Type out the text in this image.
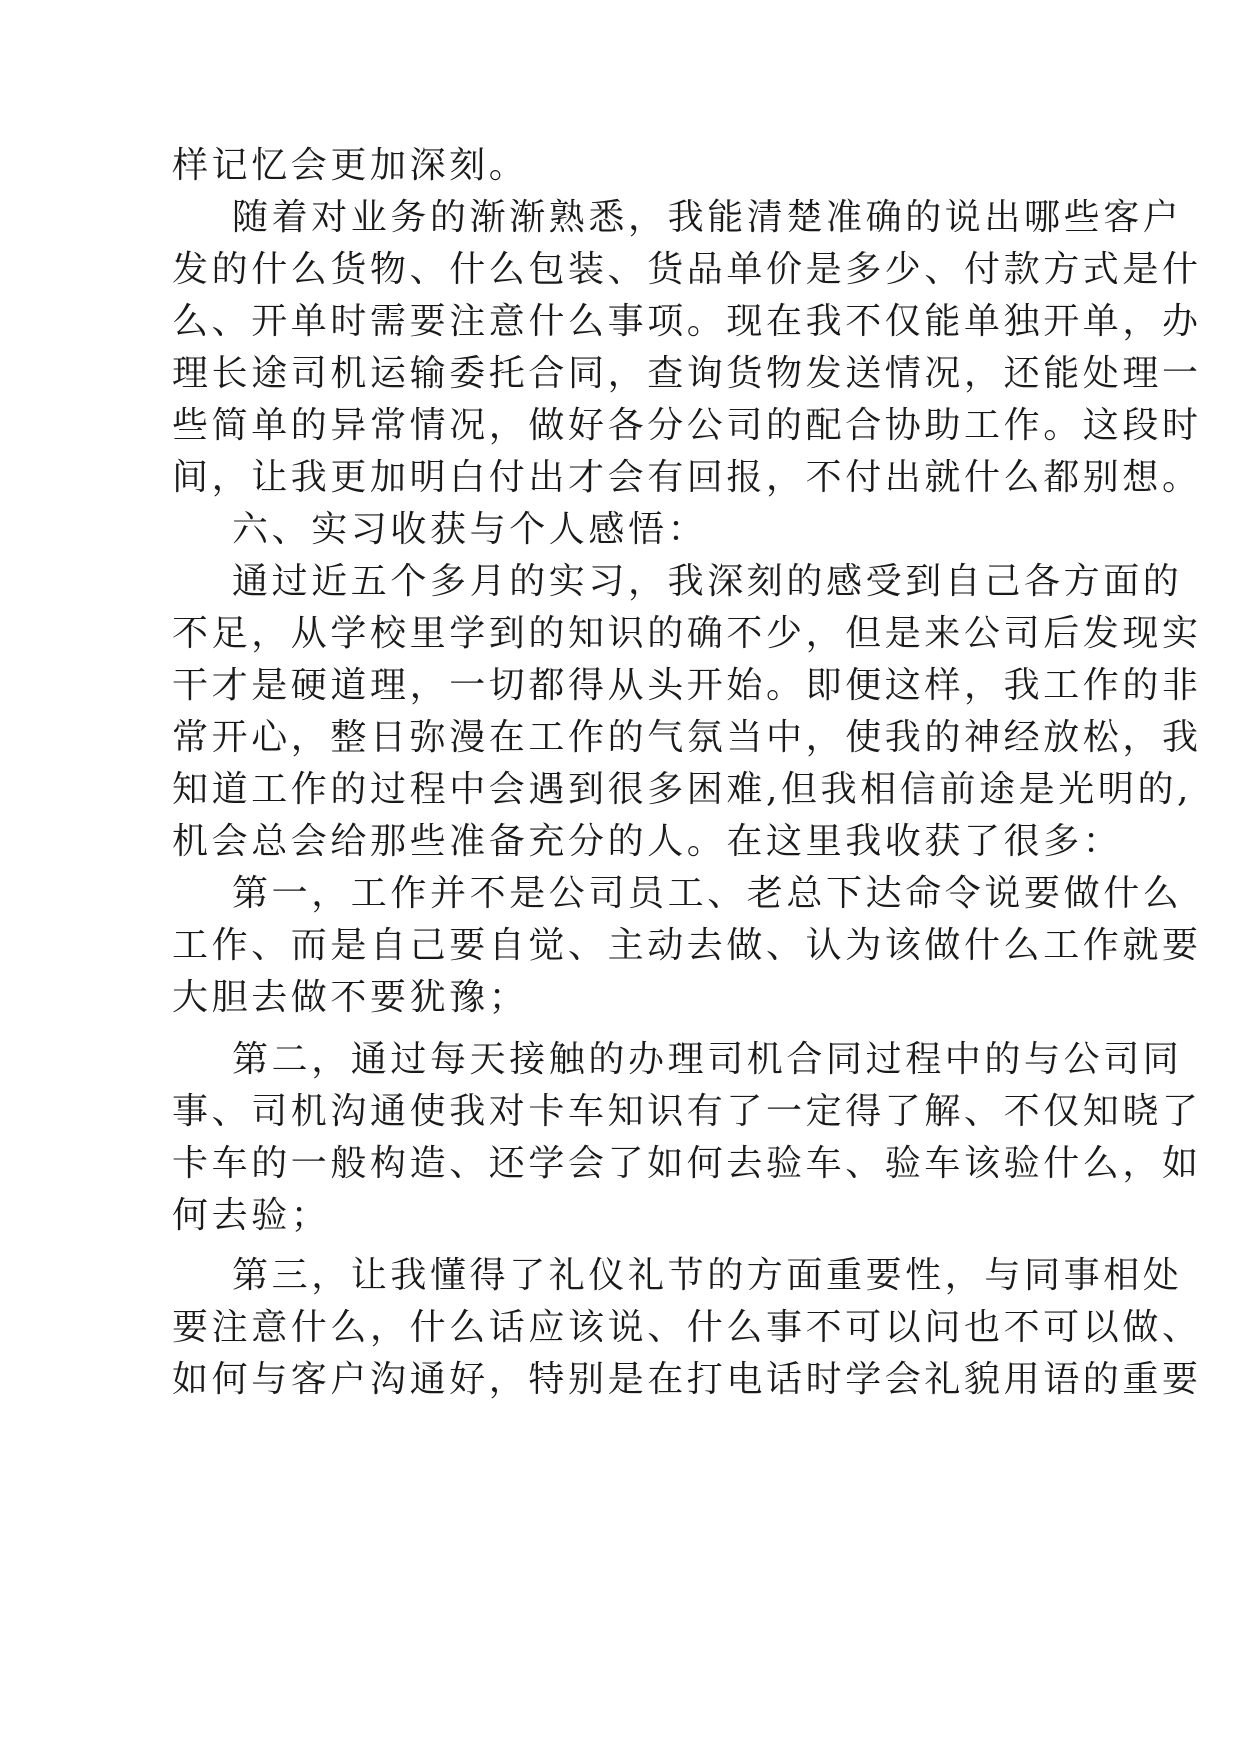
样记忆会更加深刻。
随着对业务的渐渐熟悉，我能清楚准确的说出哪些客户
发的什么货物、什么包装、货品单价是多少、付款方式是什
么、开单时需要注意什么事项。现在我不仅能单独开单，办
理长途司机运输委托合同，查询货物发送情况，还能处理一
些简单的异常情况，做好各分公司的配合协助工作。这段时
间，让我更加明白付出才会有回报，不付出就什么都别想。
六、实习收获与个人感悟：
通过近五个多月的实习，我深刻的感受到自己各方面的
不足，从学校里学到的知识的确不少，但是来公司后发现实
干才是硬道理，一切都得从头开始。即便这样，我工作的非
常开心，整日弥漫在工作的气氛当中，使我的神经放松，我
知道工作的过程中会遇到很多困难,但我相信前途是光明的,
机会总会给那些准备充分的人。在这里我收获了很多：
第一，工作并不是公司员工、老总下达命令说要做什么
工作、而是自己要自觉、主动去做、认为该做什么工作就要
大胆去做不要犹豫；
第二，通过每天接触的办理司机合同过程中的与公司同
事、司机沟通使我对卡车知识有了一定得了解、不仅知晓了
卡车的一般构造、还学会了如何去验车、验车该验什么，如
何去验；
第三，让我懂得了礼仪礼节的方面重要性，与同事相处
要注意什么，什么话应该说、什么事不可以问也不可以做、
如何与客户沟通好，特别是在打电话时学会礼貌用语的重要
